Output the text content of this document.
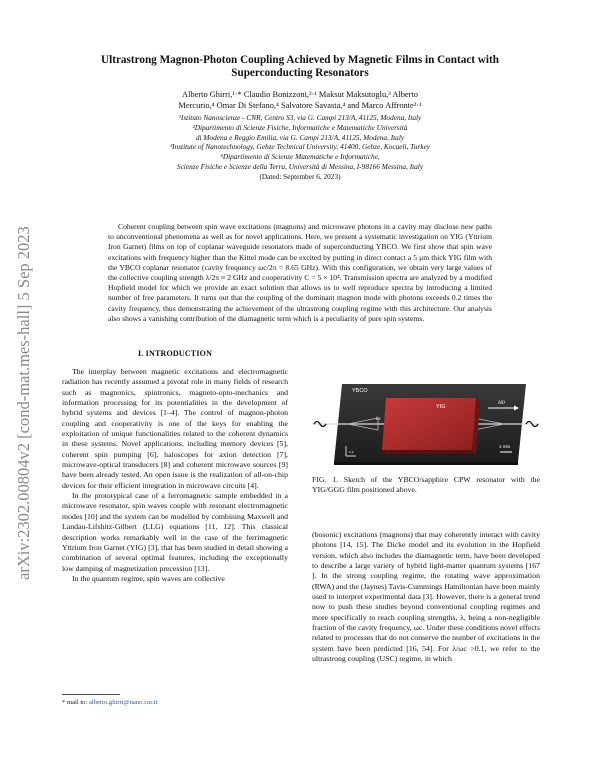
arXiv:2302.00804v2 [cond-mat.mes-hall] 5 Sep 2023
Ultrastrong Magnon-Photon Coupling Achieved by Magnetic Films in Contact with Superconducting Resonators
Alberto Ghirri,¹·* Claudio Bonizzoni,²·¹ Maksut Maksutoglu,³ Alberto
Mercurio,⁴ Omar Di Stefano,⁴ Salvatore Savasta,⁴ and Marco Affronte²·¹
¹Istituto Nanoscienze - CNR, Centro S3, via G. Campi 213/A, 41125, Modena, Italy
²Dipartimento di Scienze Fisiche, Informatiche e Matematiche Università
di Modena e Reggio Emilia, via G. Campi 213/A, 41125, Modena, Italy
³Institute of Nanotechnology, Gebze Technical University, 41400, Gebze, Kocaeli, Turkey
⁴Dipartimento di Scienze Matematiche e Informatiche,
Scienze Fisiche e Scienze della Terra, Università di Messina, I-98166 Messina, Italy
(Dated: September 6, 2023)

Coherent coupling between spin wave excitations (magnons) and microwave photons in a cavity may disclose new paths to unconventional phenomena as well as for novel applications. Here, we present a systematic investigation on YIG (Yttrium Iron Garnet) films on top of coplanar waveguide resonators made of superconducting YBCO. We first show that spin wave excitations with frequency higher than the Kittel mode can be excited by putting in direct contact a 5 μm thick YIG film with the YBCO coplanar resonator (cavity frequency ωc/2π = 8.65 GHz). With this configuration, we obtain very large values of the collective coupling strength λ/2π ≈ 2 GHz and cooperativity C = 5 × 10⁴. Transmission spectra are analyzed by a modified Hopfield model for which we provide an exact solution that allows us to well reproduce spectra by introducing a limited number of free parameters. It turns out that the coupling of the dominant magnon mode with photons exceeds 0.2 times the cavity frequency, thus demonstrating the achievement of the ultrastrong coupling regime with this architecture. Our analysis also shows a vanishing contribution of the diamagnetic term which is a peculiarity of pure spin systems.

I. INTRODUCTION

The interplay between magnetic excitations and electromagnetic radiation has recently assumed a pivotal role in many fields of research such as magnonics, spintronics, magneto-opto-mechanics and information processing for its potentialities in the development of hybrid systems and devices [1–4]. The control of magnon-photon coupling and cooperativity is one of the keys for enabling the exploitation of unique functionalities related to the coherent dynamics in these systems. Novel applications, including memory devices [5], coherent spin pumping [6], haloscopes for axion detection [7], microwave-optical transducers [8] and coherent microwave sources [9] have been already tested. An open issue is the realization of all-on-chip devices for their efficient integration in microwave circuits [4].

In the prototypical case of a ferromagnetic sample embedded in a microwave resonator, spin waves couple with resonant electromagnetic modes [10] and the system can be modelled by combining Maxwell and Landau-Lifshitz-Gilbert (LLG) equations [11, 12]. This classical description works remarkably well in the case of the ferrimagnetic Yttrium Iron Garnet (YIG) [3], that has been studied in detail showing a combination of several optimal features, including the exceptionally low damping of magnetization precession [13].

In the quantum regime, spin waves are collective

YBCO
YIG
hx
H0
1 mm
x y
FIG. 1. Sketch of the YBCO/sapphire CPW resonator with the YIG/GGG film positioned above.

(bosonic) excitations (magnons) that may coherently interact with cavity photons [14, 15]. The Dicke model and its evolution in the Hopfield version, which also includes the diamagnetic term, have been developed to describe a large variety of hybrid light-matter quantum systems [167 ]. In the strong coupling regime, the rotating wave approximation (RWA) and the (Jaynes) Tavis-Cummings Hamiltonian have been mainly used to interpret experimental data [3]. However, there is a general trend now to push these studies beyond conventional coupling regimes and more specifically to reach coupling strengths, λ, being a non-negligible fraction of the cavity frequency, ωc. Under these conditions novel effects related to processes that do not conserve the number of excitations in the system have been predicted [16, 54]. For λ/ωc >0.1, we refer to the ultrastrong coupling (USC) regime, in which

* mail to: alberto.ghirri@nano.cnr.it
